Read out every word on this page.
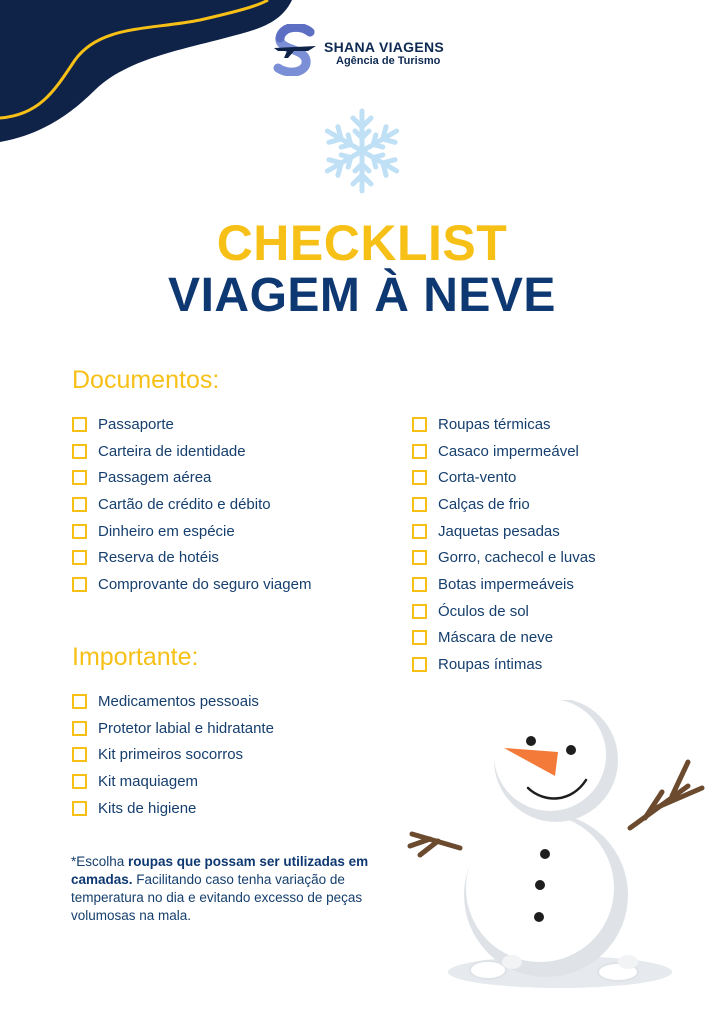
SHANA VIAGENS
Agência de Turismo
CHECKLIST
VIAGEM À NEVE
Documentos:
Passaporte
Carteira de identidade
Passagem aérea
Cartão de crédito e débito
Dinheiro em espécie
Reserva de hotéis
Comprovante do seguro viagem
Roupas térmicas
Casaco impermeável
Corta-vento
Calças de frio
Jaquetas pesadas
Gorro, cachecol e luvas
Botas impermeáveis
Óculos de sol
Máscara de neve
Roupas íntimas
Importante:
Medicamentos pessoais
Protetor labial e hidratante
Kit primeiros socorros
Kit maquiagem
Kits de higiene
*Escolha roupas que possam ser utilizadas em camadas. Facilitando caso tenha variação de temperatura no dia e evitando excesso de peças volumosas na mala.
